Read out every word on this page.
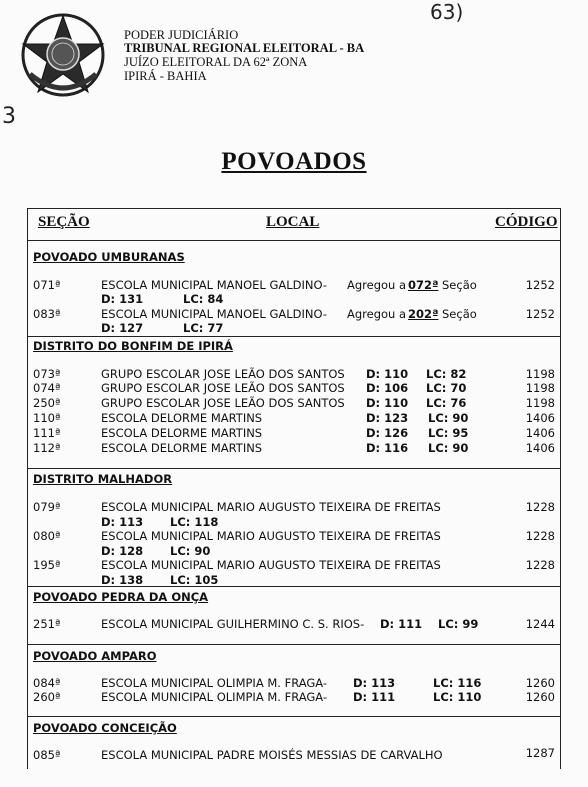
PODER JUDICIÁRIO
TRIBUNAL REGIONAL ELEITORAL - BA
JUÍZO ELEITORAL DA 62ª ZONA
IPIRÁ - BAHIA
63)
3
POVOADOS
SEÇÃO	LOCAL	CÓDIGO
POVOADO UMBURANAS
071ª	ESCOLA MUNICIPAL MANOEL GALDINO- Agregou a 072ª Seção	1252
D: 131	LC: 84
083ª	ESCOLA MUNICIPAL MANOEL GALDINO- Agregou a 202ª Seção	1252
D: 127	LC: 77
DISTRITO DO BONFIM DE IPIRÁ
073ª	GRUPO ESCOLAR JOSE LEÃO DOS SANTOS D: 110 LC: 82	1198
074ª	GRUPO ESCOLAR JOSE LEÃO DOS SANTOS D: 106 LC: 70	1198
250ª	GRUPO ESCOLAR JOSE LEÃO DOS SANTOS D: 110 LC: 76	1198
110ª	ESCOLA DELORME MARTINS	D: 123 LC: 90	1406
111ª	ESCOLA DELORME MARTINS	D: 126 LC: 95	1406
112ª	ESCOLA DELORME MARTINS	D: 116 LC: 90	1406
DISTRITO MALHADOR
079ª	ESCOLA MUNICIPAL MARIO AUGUSTO TEIXEIRA DE FREITAS	1228
D: 113 LC: 118
080ª	ESCOLA MUNICIPAL MARIO AUGUSTO TEIXEIRA DE FREITAS	1228
D: 128 LC: 90
195ª	ESCOLA MUNICIPAL MARIO AUGUSTO TEIXEIRA DE FREITAS	1228
D: 138 LC: 105
POVOADO PEDRA DA ONÇA
251ª	ESCOLA MUNICIPAL GUILHERMINO C. S. RIOS- D: 111 LC: 99	1244
POVOADO AMPARO
084ª	ESCOLA MUNICIPAL OLIMPIA M. FRAGA- D: 113	LC: 116	1260
260ª	ESCOLA MUNICIPAL OLIMPIA M. FRAGA- D: 111	LC: 110	1260
POVOADO CONCEIÇÃO
085ª	ESCOLA MUNICIPAL PADRE MOISÉS MESSIAS DE CARVALHO	1287
